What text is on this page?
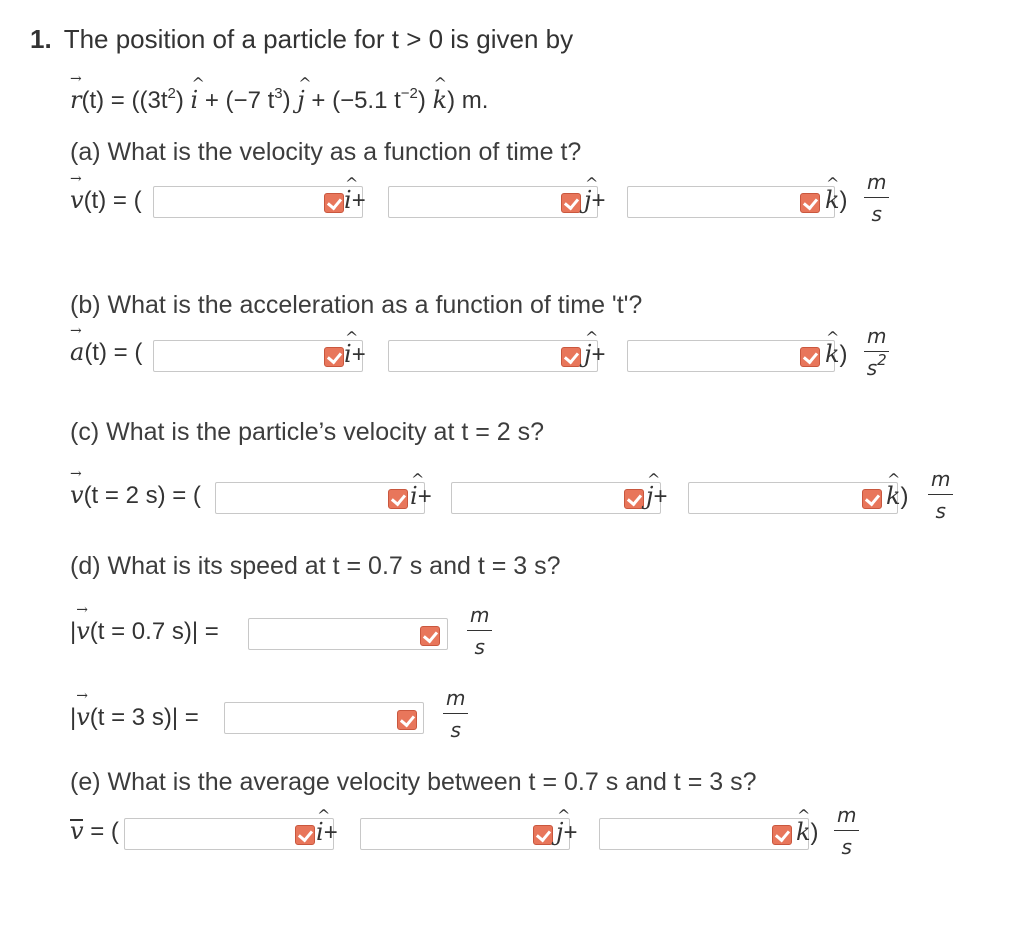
1. The position of a particle for t > 0 is given by
→ $r(t) = ((3t^2)$ ^ i + (−7 $t^3$) ^ j + (−5.1 $t^{-2}$) ^ k) m.
(a) What is the velocity as a function of time t?
→ v(t) = (	^ i+	^ j+	^ $k) \frac{m}{s}$
(b) What is the acceleration as a function of time 't'?
→ a(t) = (	^ i+	^ j+	^ $k) \frac{m}{s^2}$
(c) What is the particle’s velocity at t = 2 s?
→ v(t = 2 s) = (	^ i+	^ j+	^ $k) \frac{m}{s}$
(d) What is its speed at t = 0.7 s and t = 3 s?
|→ v(t = 0.7 s)| =	$\frac{m}{s}$
|→ v(t = 3 s)| =	$\frac{m}{s}$
(e) What is the average velocity between t = 0.7 s and t = 3 s?
v = (	^ i+	^ j+	^ $k) \frac{m}{s}$
